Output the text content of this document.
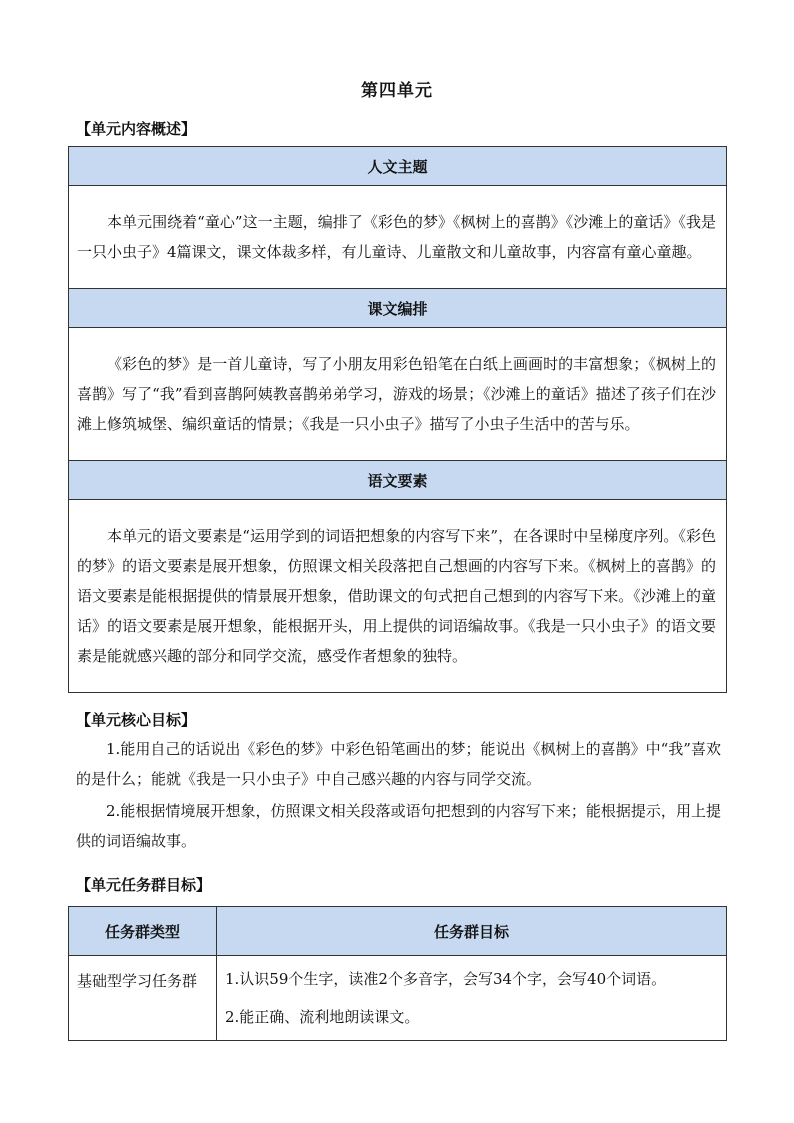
第四单元
【单元内容概述】
人文主题
本单元围绕着“童心”这一主题，编排了《彩色的梦》《枫树上的喜鹊》《沙滩上的童话》《我是一只小虫子》4篇课文，课文体裁多样，有儿童诗、儿童散文和儿童故事，内容富有童心童趣。
课文编排
《彩色的梦》是一首儿童诗，写了小朋友用彩色铅笔在白纸上画画时的丰富想象；《枫树上的喜鹊》写了“我”看到喜鹊阿姨教喜鹊弟弟学习，游戏的场景；《沙滩上的童话》描述了孩子们在沙滩上修筑城堡、编织童话的情景；《我是一只小虫子》描写了小虫子生活中的苦与乐。
语文要素
本单元的语文要素是“运用学到的词语把想象的内容写下来”，在各课时中呈梯度序列。《彩色的梦》的语文要素是展开想象，仿照课文相关段落把自己想画的内容写下来。《枫树上的喜鹊》的语文要素是能根据提供的情景展开想象，借助课文的句式把自己想到的内容写下来。《沙滩上的童话》的语文要素是展开想象，能根据开头，用上提供的词语编故事。《我是一只小虫子》的语文要素是能就感兴趣的部分和同学交流，感受作者想象的独特。
【单元核心目标】
1.能用自己的话说出《彩色的梦》中彩色铅笔画出的梦；能说出《枫树上的喜鹊》中“我”喜欢的是什么；能就《我是一只小虫子》中自己感兴趣的内容与同学交流。
2.能根据情境展开想象，仿照课文相关段落或语句把想到的内容写下来；能根据提示，用上提供的词语编故事。
【单元任务群目标】
任务群类型	任务群目标
基础型学习任务群	1.认识59个生字，读准2个多音字，会写34个字，会写40个词语。
2.能正确、流利地朗读课文。
